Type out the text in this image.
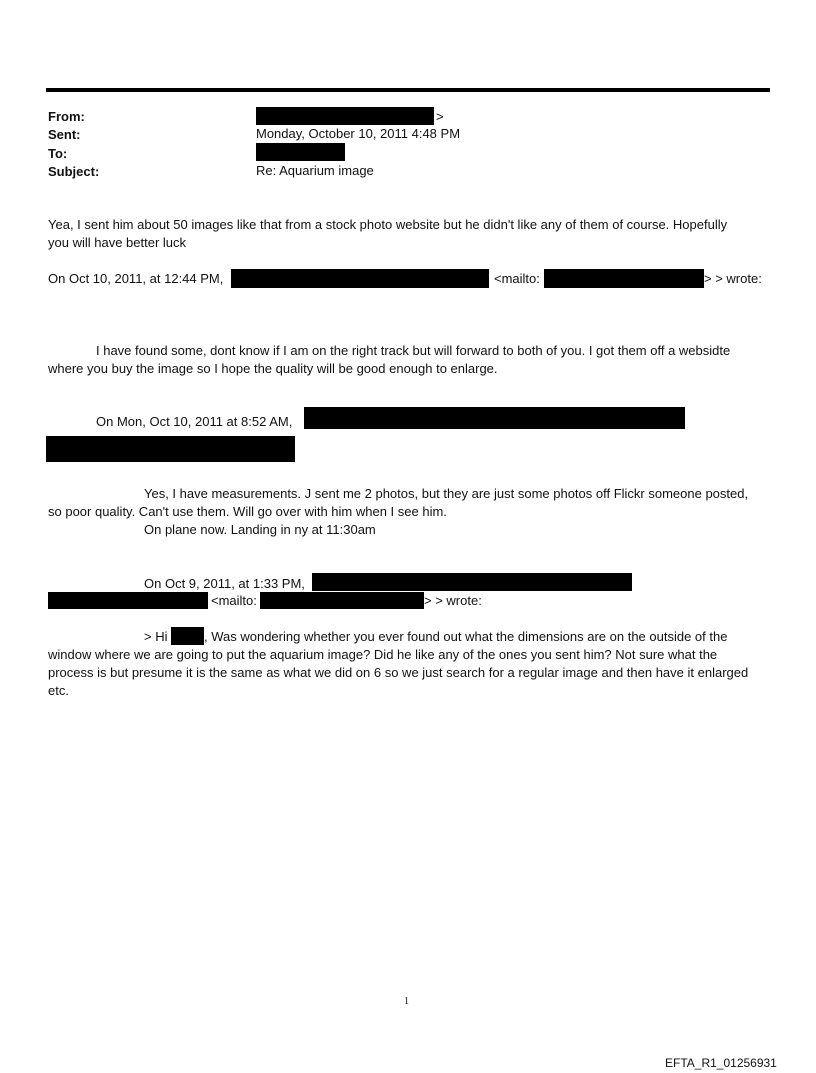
From:	>
Sent:	Monday, October 10, 2011 4:48 PM
To:
Subject:	Re: Aquarium image
Yea, I sent him about 50 images like that from a stock photo website but he didn't like any of them of course. Hopefully
you will have better luck
On Oct 10, 2011, at 12:44 PM,	<mailto:	> > wrote:
I have found some, dont know if I am on the right track but will forward to both of you. I got them off a websidte
where you buy the image so I hope the quality will be good enough to enlarge.
On Mon, Oct 10, 2011 at 8:52 AM,
Yes, I have measurements. J sent me 2 photos, but they are just some photos off Flickr someone posted,
so poor quality. Can't use them. Will go over with him when I see him.
On plane now. Landing in ny at 11:30am
On Oct 9, 2011, at 1:33 PM,
<mailto:	> > wrote:
> Hi	, Was wondering whether you ever found out what the dimensions are on the outside of the
window where we are going to put the aquarium image? Did he like any of the ones you sent him? Not sure what the
process is but presume it is the same as what we did on 6 so we just search for a regular image and then have it enlarged
etc.
1
EFTA_R1_01256931
